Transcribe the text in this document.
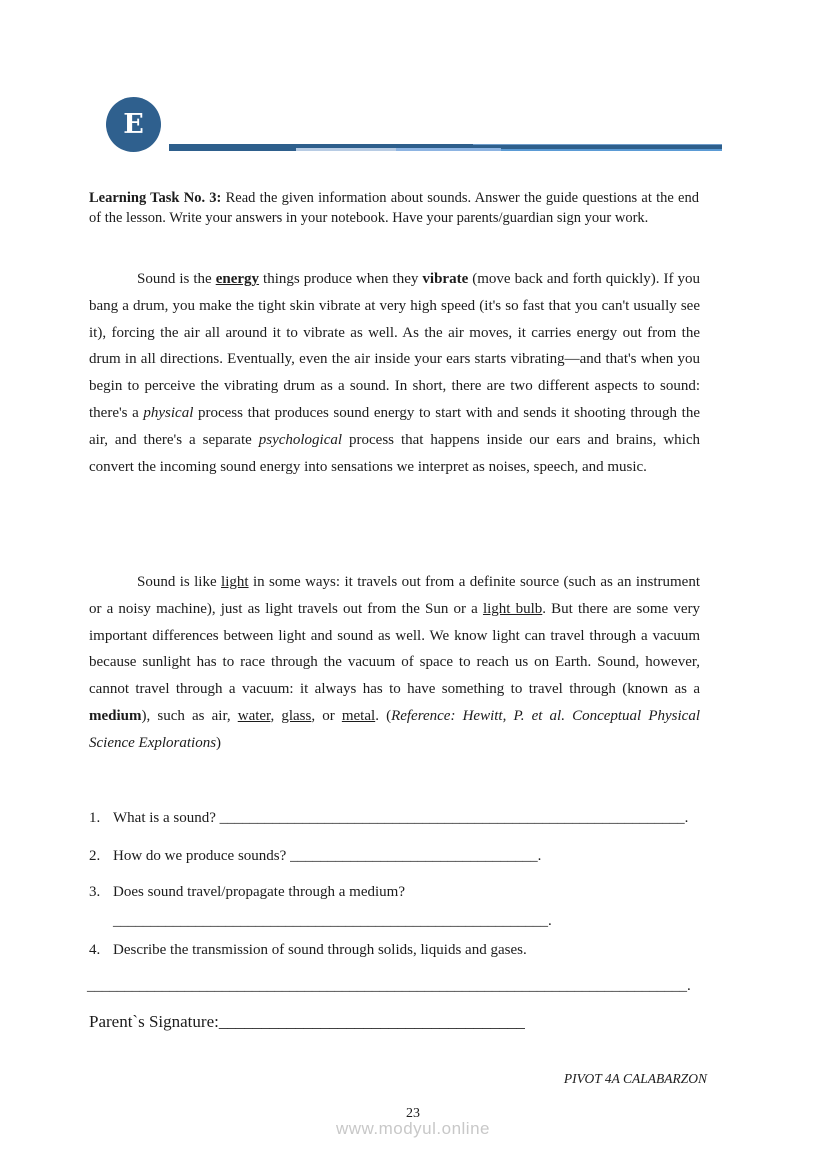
E

Learning Task No. 3: Read the given information about sounds. Answer the guide questions at the end of the lesson. Write your answers in your notebook. Have your parents/guardian sign your work.

Sound is the energy things produce when they vibrate (move back and forth quickly). If you bang a drum, you make the tight skin vibrate at very high speed (it's so fast that you can't usually see it), forcing the air all around it to vibrate as well. As the air moves, it carries energy out from the drum in all directions. Eventually, even the air inside your ears starts vibrating—and that's when you begin to perceive the vibrating drum as a sound. In short, there are two different aspects to sound: there's a physical process that produces sound energy to start with and sends it shooting through the air, and there's a separate psychological process that happens inside our ears and brains, which convert the incoming sound energy into sensations we interpret as noises, speech, and music.
Sound is like light in some ways: it travels out from a definite source (such as an instrument or a noisy machine), just as light travels out from the Sun or a light bulb. But there are some very important differences between light and sound as well. We know light can travel through a vacuum because sunlight has to race through the vacuum of space to reach us on Earth. Sound, however, cannot travel through a vacuum: it always has to have something to travel through (known as a medium), such as air, water, glass, or metal. (Reference: Hewitt, P. et al. Conceptual Physical Science Explorations)
1. What is a sound? ______________________________________________________________.
2. How do we produce sounds? _________________________________.
3. Does sound travel/propagate through a medium?
__________________________________________________________.
4. Describe the transmission of sound through solids, liquids and gases.
________________________________________________________________________________.
Parent`s Signature:____________________________________
PIVOT 4A CALABARZON
23
www.modyul.online
